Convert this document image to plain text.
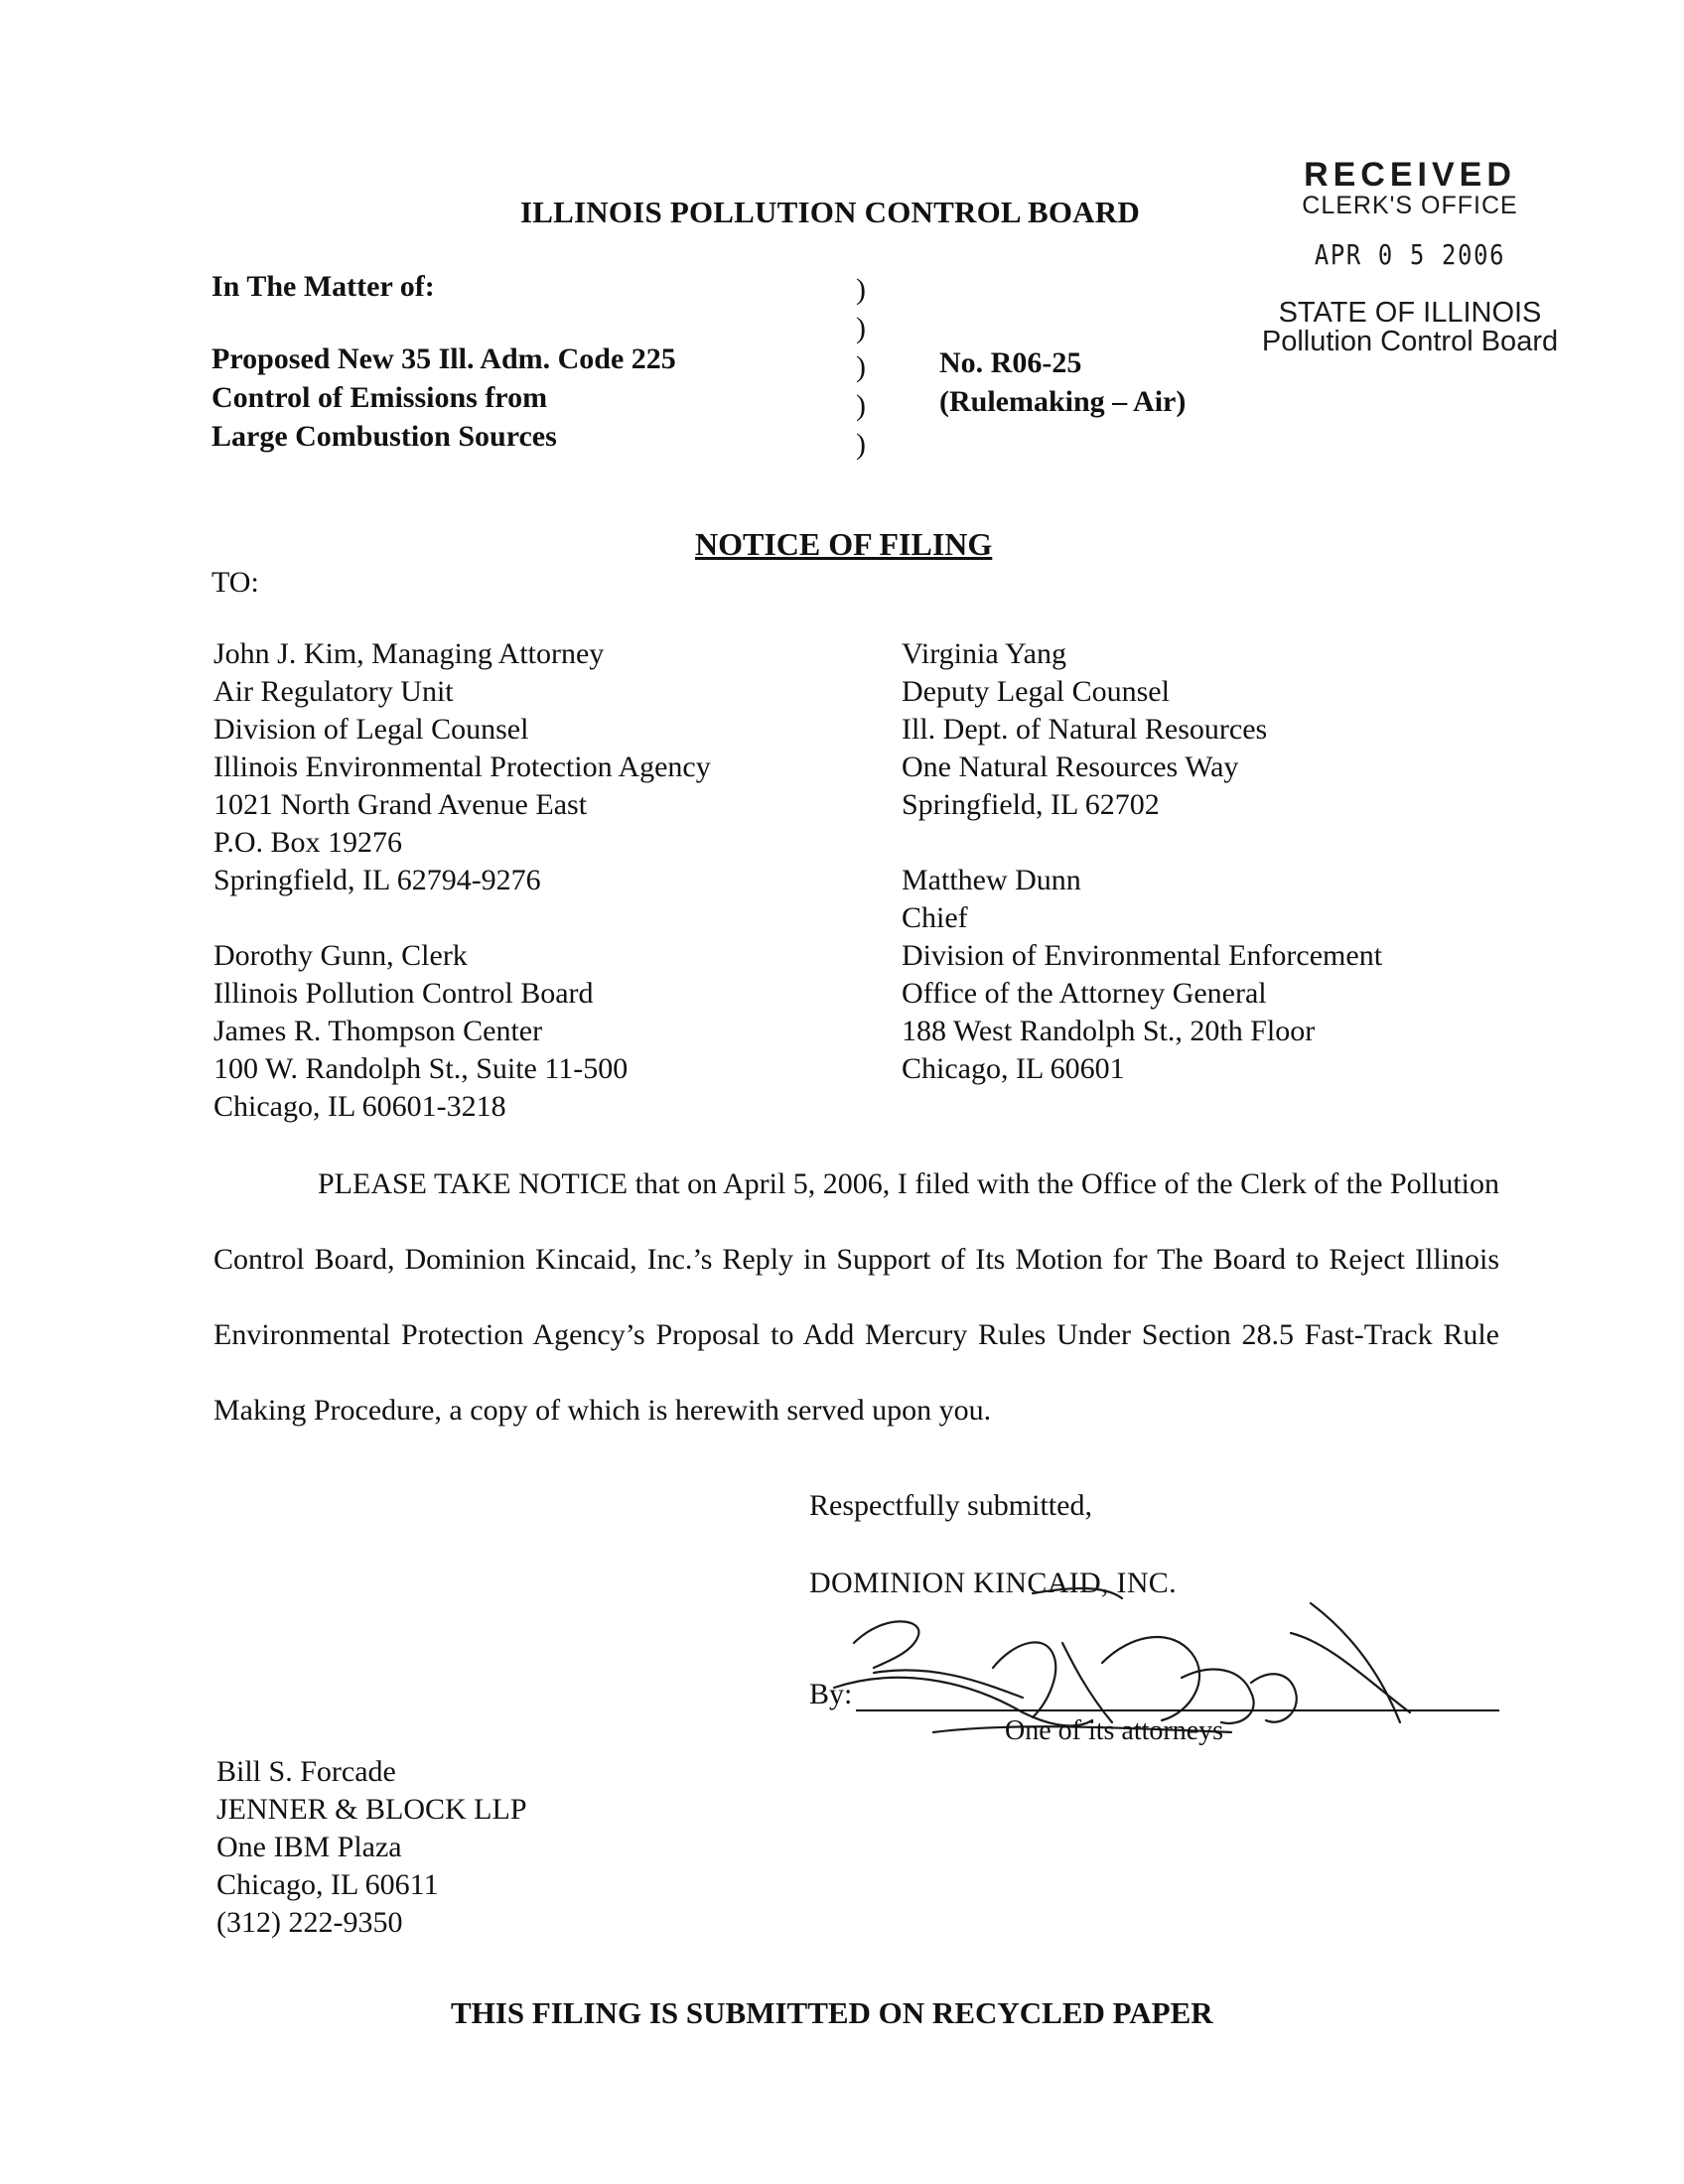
ILLINOIS POLLUTION CONTROL BOARD
RECEIVED
CLERK'S OFFICE
APR 0 5 2006
STATE OF ILLINOIS
Pollution Control Board
In The Matter of:
Proposed New 35 Ill. Adm. Code 225
Control of Emissions from
Large Combustion Sources
)
)
)
)
)
No. R06-25
(Rulemaking – Air)
NOTICE OF FILING
TO:
John J. Kim, Managing Attorney
Air Regulatory Unit
Division of Legal Counsel
Illinois Environmental Protection Agency
1021 North Grand Avenue East
P.O. Box 19276
Springfield, IL 62794-9276
Dorothy Gunn, Clerk
Illinois Pollution Control Board
James R. Thompson Center
100 W. Randolph St., Suite 11-500
Chicago, IL 60601-3218
Virginia Yang
Deputy Legal Counsel
Ill. Dept. of Natural Resources
One Natural Resources Way
Springfield, IL 62702
Matthew Dunn
Chief
Division of Environmental Enforcement
Office of the Attorney General
188 West Randolph St., 20th Floor
Chicago, IL 60601
PLEASE TAKE NOTICE that on April 5, 2006, I filed with the Office of the Clerk of the Pollution Control Board, Dominion Kincaid, Inc.’s Reply in Support of Its Motion for The Board to Reject Illinois Environmental Protection Agency’s Proposal to Add Mercury Rules Under Section 28.5 Fast-Track Rule Making Procedure, a copy of which is herewith served upon you.
Respectfully submitted,
DOMINION KINCAID, INC.
By:
One of its attorneys
Bill S. Forcade
JENNER & BLOCK LLP
One IBM Plaza
Chicago, IL 60611
(312) 222-9350
THIS FILING IS SUBMITTED ON RECYCLED PAPER
